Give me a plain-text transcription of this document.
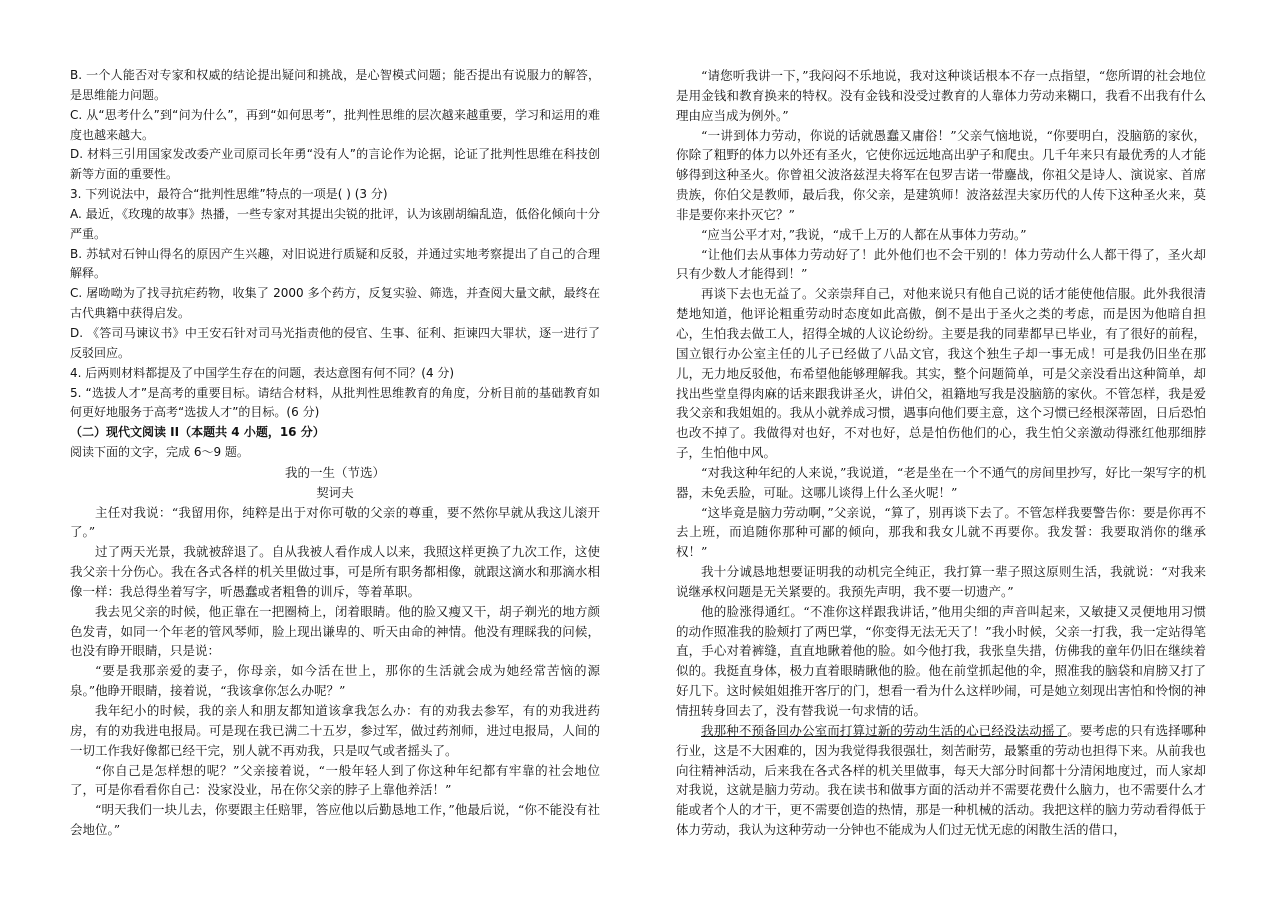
B. 一个人能否对专家和权威的结论提出疑问和挑战，是心智模式问题；能否提出有说服力的解答，是思维能力问题。

C. 从“思考什么”到“问为什么”，再到“如何思考”，批判性思维的层次越来越重要，学习和运用的难度也越来越大。

D. 材料三引用国家发改委产业司原司长年勇“没有人”的言论作为论据，论证了批判性思维在科技创新等方面的重要性。

3. 下列说法中，最符合“批判性思维”特点的一项是( ) (3 分)

A. 最近，《玫瑰的故事》热播，一些专家对其提出尖锐的批评，认为该剧胡编乱造，低俗化倾向十分严重。

B. 苏轼对石钟山得名的原因产生兴趣，对旧说进行质疑和反驳，并通过实地考察提出了自己的合理解释。

C. 屠呦呦为了找寻抗疟药物，收集了 2000 多个药方，反复实验、筛选，并查阅大量文献，最终在古代典籍中获得启发。

D. 《答司马谏议书》中王安石针对司马光指责他的侵官、生事、征利、拒谏四大罪状，逐一进行了反驳回应。

4. 后两则材料都提及了中国学生存在的问题，表达意图有何不同？(4 分)

5. “选拔人才”是高考的重要目标。请结合材料，从批判性思维教育的角度，分析目前的基础教育如何更好地服务于高考“选拔人才”的目标。(6 分)

（二）现代文阅读 II（本题共 4 小题，16 分）

阅读下面的文字，完成 6～9 题。

我的一生（节选）

契诃夫

主任对我说：“我留用你，纯粹是出于对你可敬的父亲的尊重，要不然你早就从我这儿滚开了。”

过了两天光景，我就被辞退了。自从我被人看作成人以来，我照这样更换了九次工作，这使我父亲十分伤心。我在各式各样的机关里做过事，可是所有职务都相像，就跟这滴水和那滴水相像一样：我总得坐着写字，听愚蠢或者粗鲁的训斥，等着革职。

我去见父亲的时候，他正靠在一把圈椅上，闭着眼睛。他的脸又瘦又干，胡子剃光的地方颜色发青，如同一个年老的管风琴师，脸上现出谦卑的、听天由命的神情。他没有理睬我的问候，也没有睁开眼睛，只是说：

“要是我那亲爱的妻子，你母亲，如今活在世上，那你的生活就会成为她经常苦恼的源泉。”他睁开眼睛，接着说，“我该拿你怎么办呢？”

我年纪小的时候，我的亲人和朋友都知道该拿我怎么办：有的劝我去参军，有的劝我进药房，有的劝我进电报局。可是现在我已满二十五岁，参过军，做过药剂师，进过电报局，人间的一切工作我好像都已经干完，别人就不再劝我，只是叹气或者摇头了。

“你自己是怎样想的呢？”父亲接着说，“一般年轻人到了你这种年纪都有牢靠的社会地位了，可是你看看你自己：没家没业，吊在你父亲的脖子上靠他养活！”

“明天我们一块儿去，你要跟主任赔罪，答应他以后勤恳地工作，”他最后说，“你不能没有社会地位。”

“请您听我讲一下，”我闷闷不乐地说，我对这种谈话根本不存一点指望，“您所谓的社会地位是用金钱和教育换来的特权。没有金钱和没受过教育的人靠体力劳动来糊口，我看不出我有什么理由应当成为例外。”

“一讲到体力劳动，你说的话就愚蠢又庸俗！”父亲气恼地说，“你要明白，没脑筋的家伙，你除了粗野的体力以外还有圣火，它使你远远地高出驴子和爬虫。几千年来只有最优秀的人才能够得到这种圣火。你曾祖父波洛兹涅夫将军在包罗吉诺一带鏖战，你祖父是诗人、演说家、首席贵族，你伯父是教师，最后我，你父亲，是建筑师！波洛兹涅夫家历代的人传下这种圣火来，莫非是要你来扑灭它？”

“应当公平才对，”我说，“成千上万的人都在从事体力劳动。”

“让他们去从事体力劳动好了！此外他们也不会干别的！体力劳动什么人都干得了，圣火却只有少数人才能得到！”

再谈下去也无益了。父亲崇拜自己，对他来说只有他自己说的话才能使他信服。此外我很清楚地知道，他评论粗重劳动时态度如此高傲，倒不是出于圣火之类的考虑，而是因为他暗自担心，生怕我去做工人，招得全城的人议论纷纷。主要是我的同辈都早已毕业，有了很好的前程，国立银行办公室主任的儿子已经做了八品文官，我这个独生子却一事无成！可是我仍旧坐在那儿，无力地反驳他，布希望他能够理解我。其实，整个问题简单，可是父亲没看出这种简单，却找出些堂皇得肉麻的话来跟我讲圣火，讲伯父，祖籍地写我是没脑筋的家伙。不管怎样，我是爱我父亲和我姐姐的。我从小就养成习惯，遇事向他们要主意，这个习惯已经根深蒂固，日后恐怕也改不掉了。我做得对也好，不对也好，总是怕伤他们的心，我生怕父亲激动得涨红他那细脖子，生怕他中风。

“对我这种年纪的人来说，”我说道，“老是坐在一个不通气的房间里抄写，好比一架写字的机器，未免丢脸，可耻。这哪儿谈得上什么圣火呢！”

“这毕竟是脑力劳动啊，”父亲说，“算了，别再谈下去了。不管怎样我要警告你：要是你再不去上班，而追随你那种可鄙的倾向，那我和我女儿就不再要你。我发誓：我要取消你的继承权！”

我十分诚恳地想要证明我的动机完全纯正，我打算一辈子照这原则生活，我就说：“对我来说继承权问题是无关紧要的。我预先声明，我不要一切遗产。”

他的脸涨得通红。“不准你这样跟我讲话，”他用尖细的声音叫起来，又敏捷又灵便地用习惯的动作照准我的脸颊打了两巴掌，“你变得无法无天了！”我小时候，父亲一打我，我一定站得笔直，手心对着裤缝，直直地瞅着他的脸。如今他打我，我张皇失措，仿佛我的童年仍旧在继续着似的。我挺直身体，极力直着眼睛瞅他的脸。他在前堂抓起他的伞，照准我的脑袋和肩膀又打了好几下。这时候姐姐推开客厅的门，想看一看为什么这样吵闹，可是她立刻现出害怕和怜悯的神情扭转身回去了，没有替我说一句求情的话。

我那种不预备回办公室而打算过新的劳动生活的心已经没法动摇了。要考虑的只有选择哪种行业，这是不大困难的，因为我觉得我很强壮，刻苦耐劳，最繁重的劳动也担得下来。从前我也向往精神活动，后来我在各式各样的机关里做事，每天大部分时间都十分清闲地度过，而人家却对我说，这就是脑力劳动。我在读书和做事方面的活动并不需要花费什么脑力，也不需要什么才能或者个人的才干，更不需要创造的热情，那是一种机械的活动。我把这样的脑力劳动看得低于体力劳动，我认为这种劳动一分钟也不能成为人们过无忧无虑的闲散生活的借口，
